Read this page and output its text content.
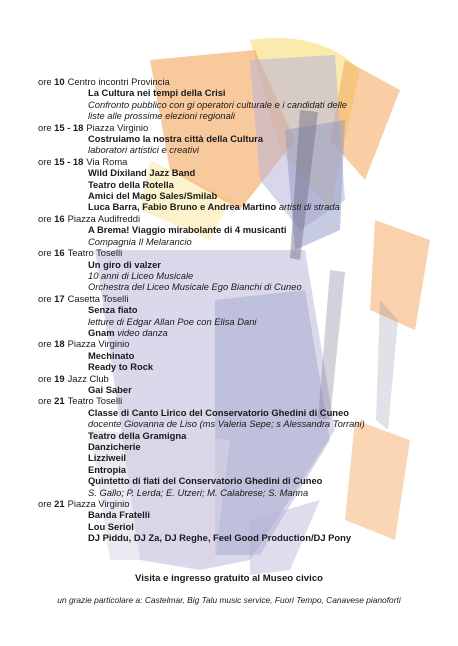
ore 10 Centro incontri Provincia
La Cultura nei tempi della Crisi
Confronto pubblico con gi operatori culturale e i candidati delle
liste alle prossime elezioni regionali
ore 15 - 18 Piazza Virginio
Costruiamo la nostra città della Cultura
laboratori artistici e creativi
ore 15 - 18 Via Roma
Wild Dixiland Jazz Band
Teatro della Rotella
Amici del Mago Sales/Smilab
Luca Barra, Fabio Bruno e Andrea Martino artisti di strada
ore 16 Piazza Audifreddi
A Brema! Viaggio mirabolante di 4 musicanti
Compagnia Il Melarancio
ore 16 Teatro Toselli
Un giro di valzer
10 anni di Liceo Musicale
Orchestra del Liceo Musicale Ego Bianchi di Cuneo
ore 17 Casetta Toselli
Senza fiato
letture di Edgar Allan Poe con Elisa Dani
Gnam video danza
ore 18 Piazza Virginio
Mechinato
Ready to Rock
ore 19 Jazz Club
Gai Saber
ore 21 Teatro Toselli
Classe di Canto Lirico del Conservatorio Ghedini di Cuneo
docente Giovanna de Liso (ms Valeria Sepe; s Alessandra Torrani)
Teatro della Gramigna
Danzicherie
Lizziweil
Entropia
Quintetto di fiati del Conservatorio Ghedini di Cuneo
S. Gallo; P. Lerda; E. Utzeri; M. Calabrese; S. Manna
ore 21 Piazza Virginio
Banda Fratelli
Lou Seriol
DJ Piddu, DJ Za, DJ Reghe, Feel Good Production/DJ Pony
Visita e ingresso gratuito al Museo civico
un grazie particolare a: Castelmar, Big Talu music service, Fuori Tempo, Canavese pianoforti
